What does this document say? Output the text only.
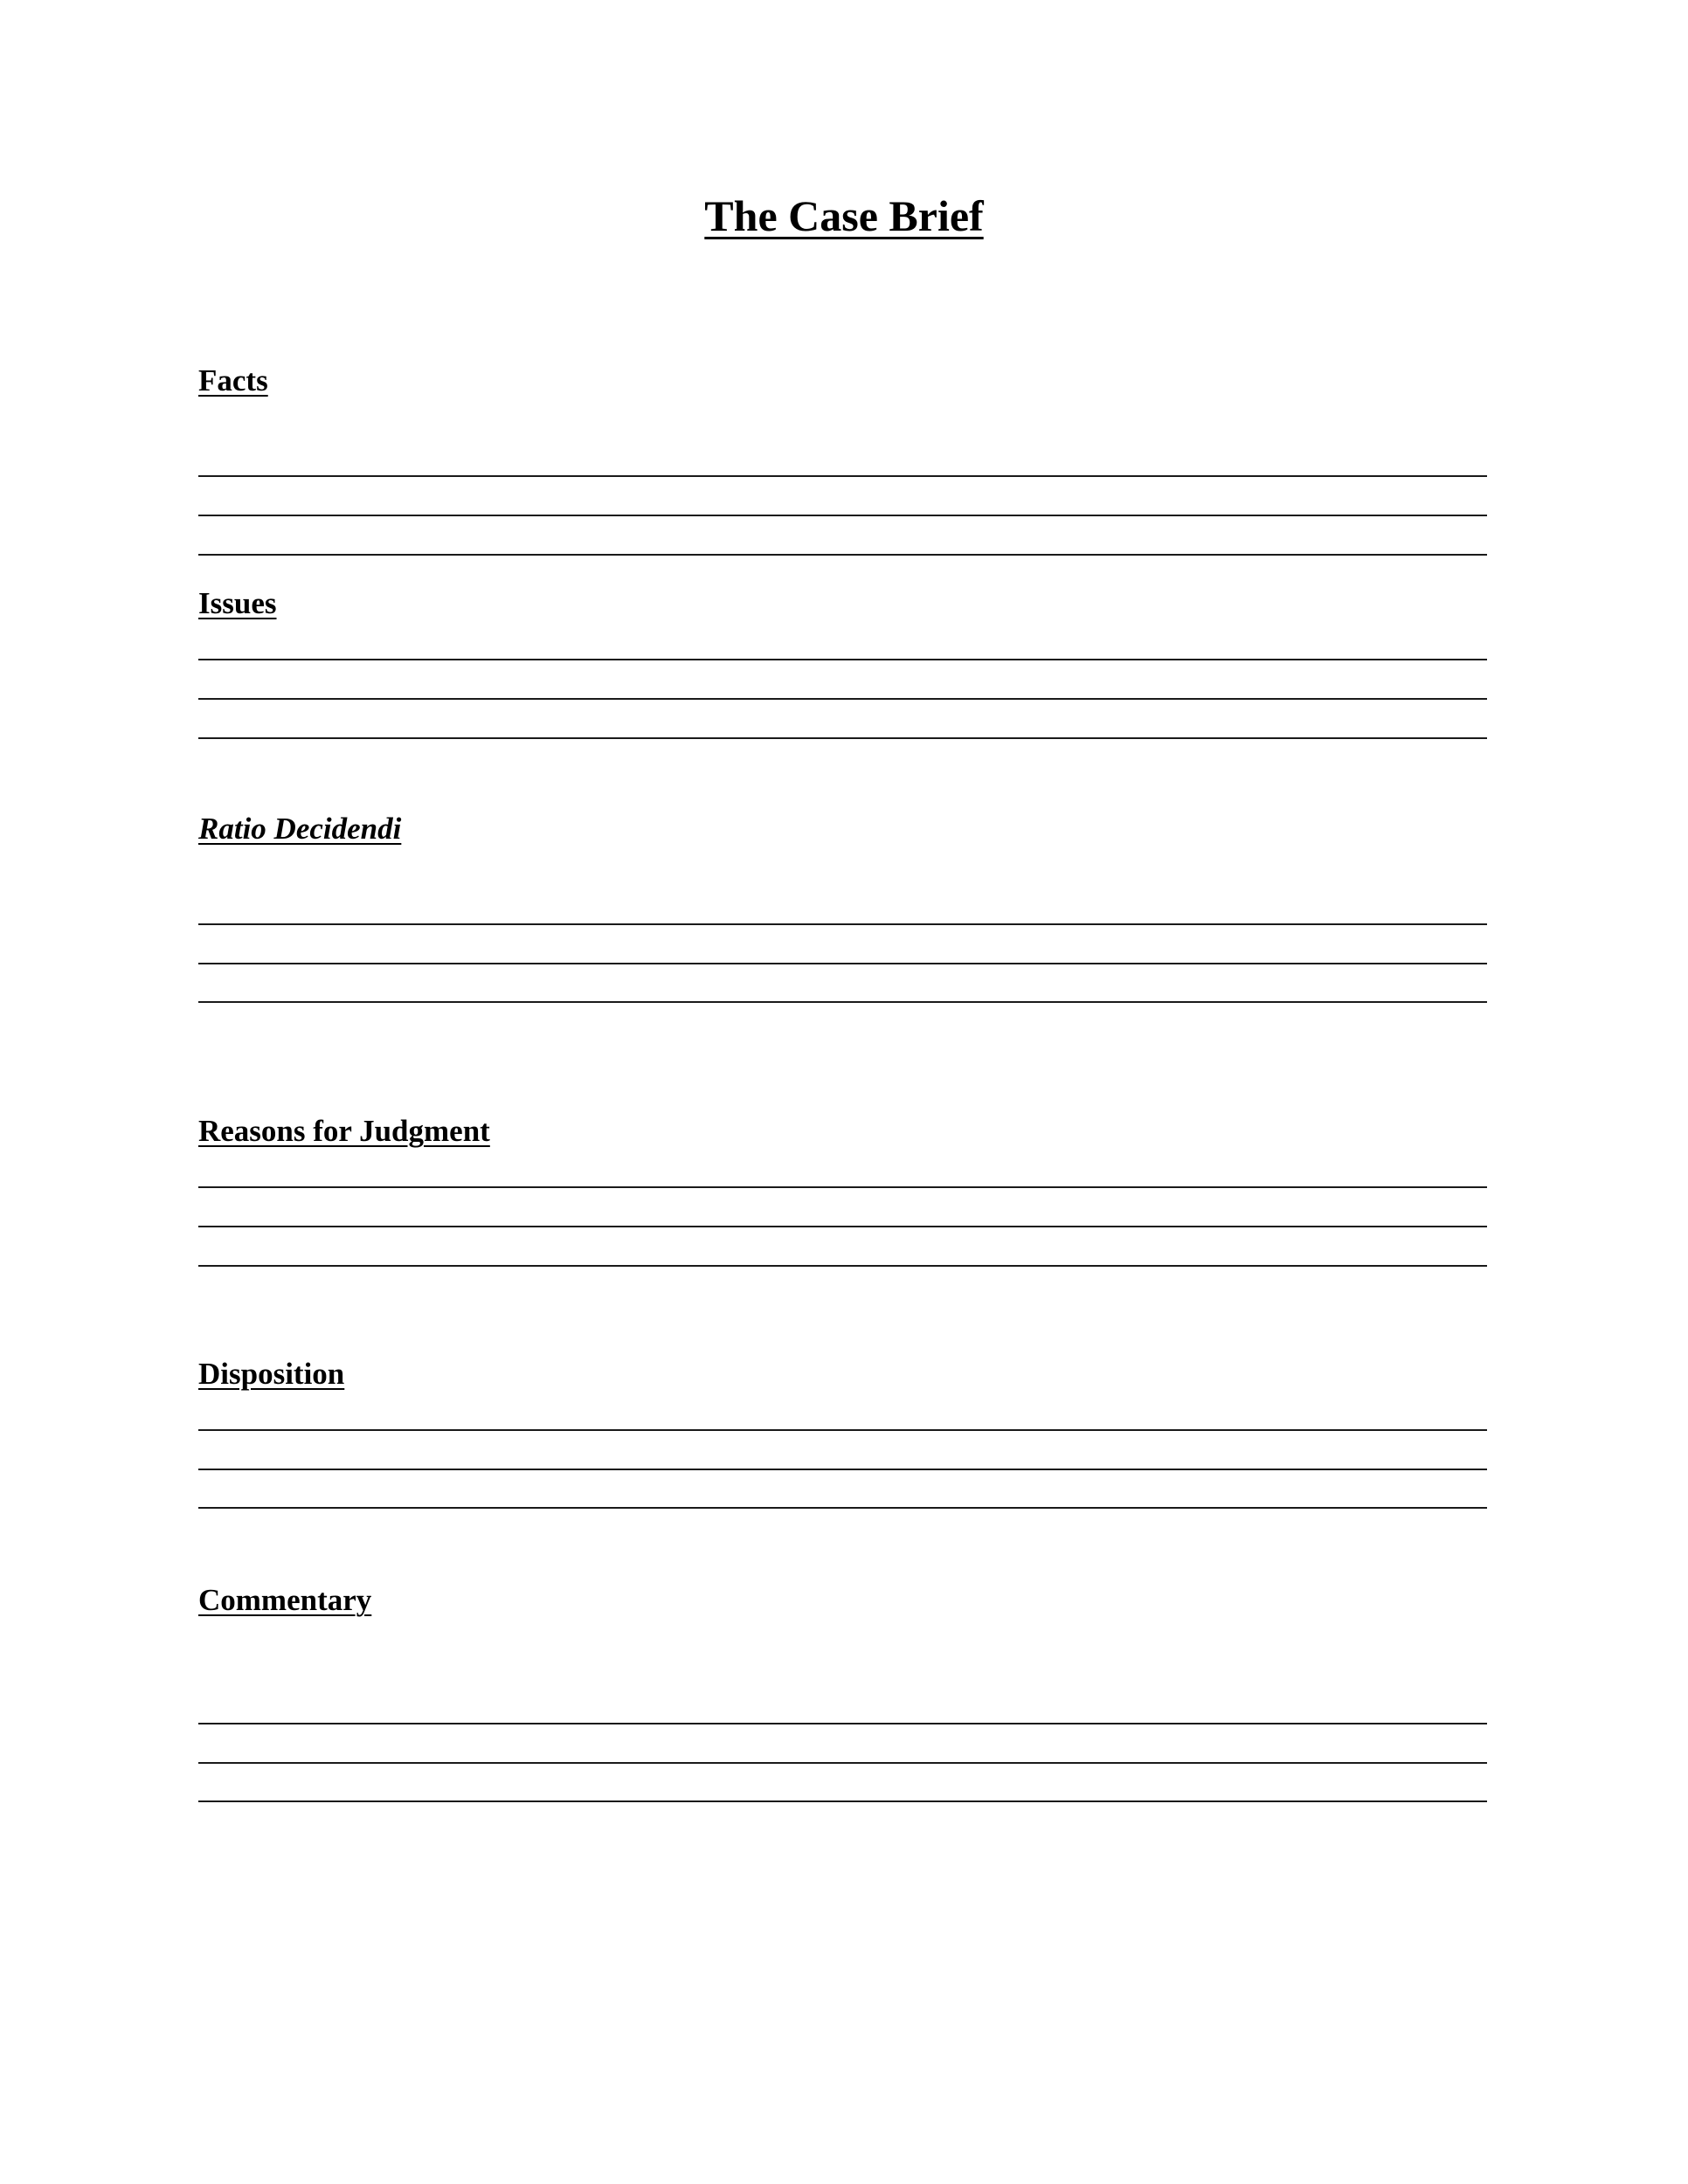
The Case Brief
Facts
Issues
Ratio Decidendi
Reasons for Judgment
Disposition
Commentary
